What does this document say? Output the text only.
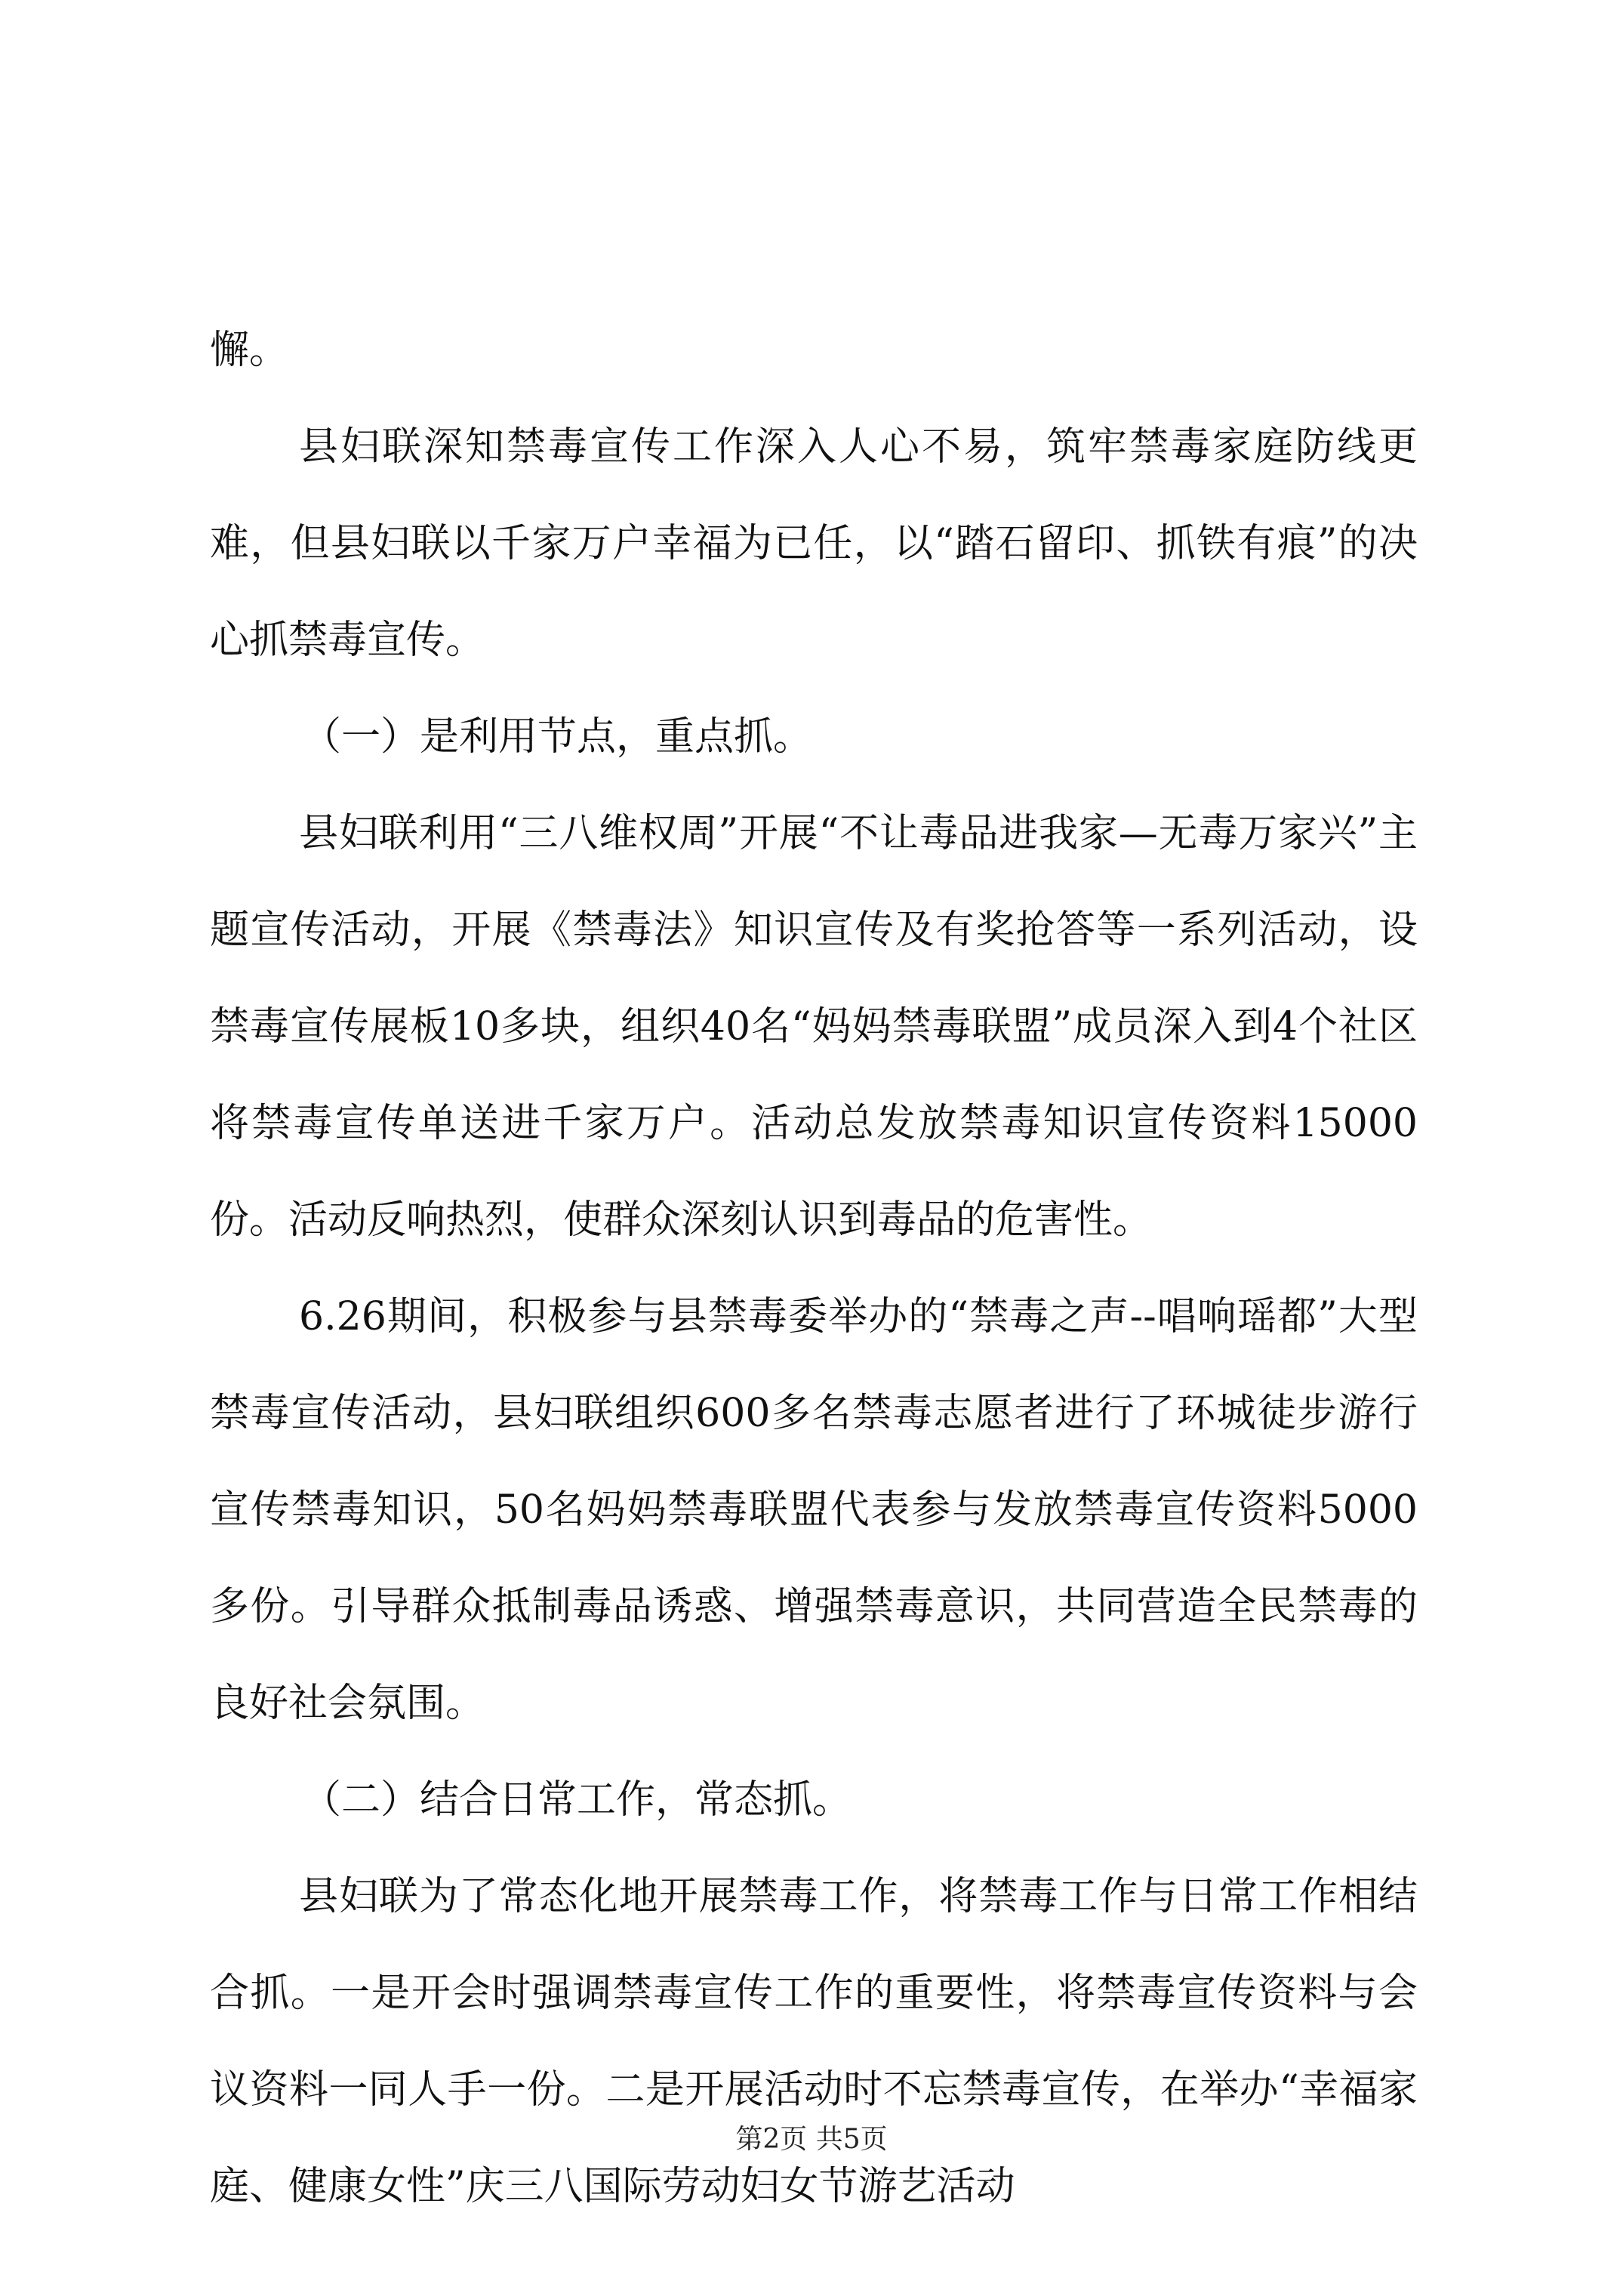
懈。

县妇联深知禁毒宣传工作深入人心不易，筑牢禁毒家庭防线更难，但县妇联以千家万户幸福为已任，以“踏石留印、抓铁有痕”的决心抓禁毒宣传。

（一）是利用节点，重点抓。

县妇联利用“三八维权周”开展“不让毒品进我家—无毒万家兴”主题宣传活动，开展《禁毒法》知识宣传及有奖抢答等一系列活动，设禁毒宣传展板10多块，组织40名“妈妈禁毒联盟”成员深入到4个社区将禁毒宣传单送进千家万户。活动总发放禁毒知识宣传资料15000份。活动反响热烈，使群众深刻认识到毒品的危害性。

6.26期间，积极参与县禁毒委举办的“禁毒之声--唱响瑶都”大型禁毒宣传活动，县妇联组织600多名禁毒志愿者进行了环城徒步游行宣传禁毒知识，50名妈妈禁毒联盟代表参与发放禁毒宣传资料5000多份。引导群众抵制毒品诱惑、增强禁毒意识，共同营造全民禁毒的良好社会氛围。

（二）结合日常工作，常态抓。

县妇联为了常态化地开展禁毒工作，将禁毒工作与日常工作相结合抓。一是开会时强调禁毒宣传工作的重要性，将禁毒宣传资料与会议资料一同人手一份。二是开展活动时不忘禁毒宣传，在举办“幸福家庭、健康女性”庆三八国际劳动妇女节游艺活动

第2页 共5页
